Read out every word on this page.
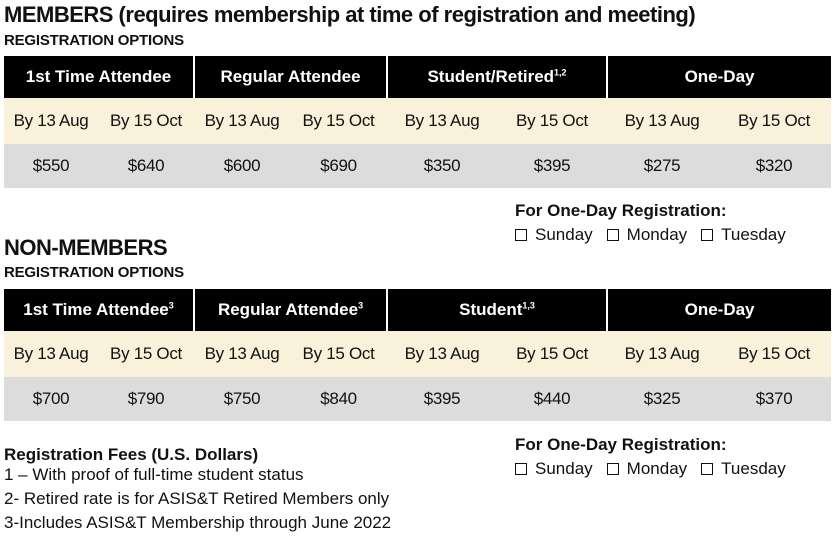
MEMBERS (requires membership at time of registration and meeting)
REGISTRATION OPTIONS
1st Time Attendee		Regular Attendee		Student/Retired$^{1,2}$		One-Day	
By 13 Aug	By 15 Oct	By 13 Aug	By 15 Oct	By 13 Aug	By 15 Oct	By 13 Aug	By 15 Oct
$550	$640	$600	$690	$350	$395	$275	$320
For One-Day Registration:
Sunday Monday Tuesday
NON-MEMBERS
REGISTRATION OPTIONS
1st Time Attendee$^3$		Regular Attendee$^3$		Student$^{1,3}$		One-Day	
By 13 Aug	By 15 Oct	By 13 Aug	By 15 Oct	By 13 Aug	By 15 Oct	By 13 Aug	By 15 Oct
$700	$790	$750	$840	$395	$440	$325	$370
For One-Day Registration:
Sunday Monday Tuesday
Registration Fees (U.S. Dollars)
1 – With proof of full-time student status
2- Retired rate is for ASIS&T Retired Members only
3-Includes ASIS&T Membership through June 2022
